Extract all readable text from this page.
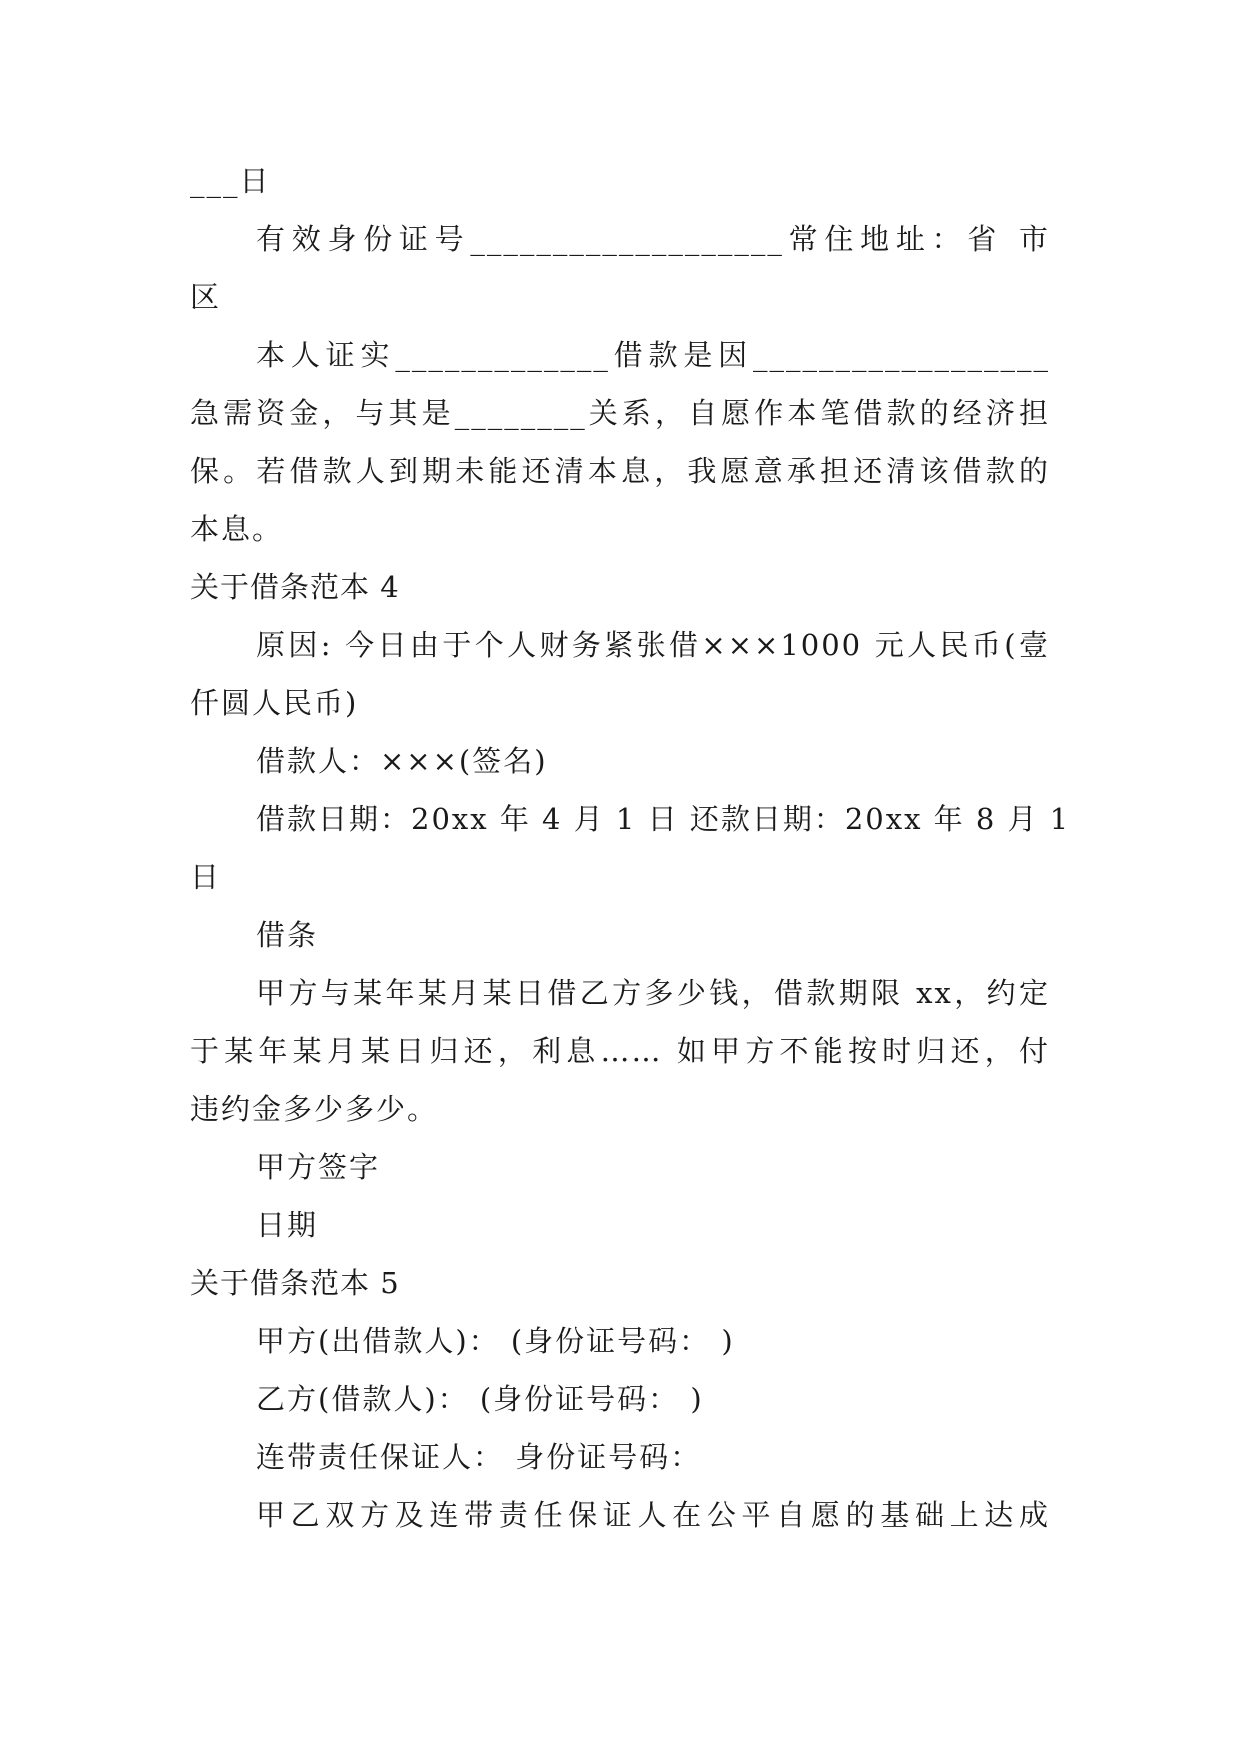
___日
有效身份证号___________________常住地址：省 市
区
本人证实_____________借款是因__________________
急需资金，与其是________关系，自愿作本笔借款的经济担
保。若借款人到期未能还清本息，我愿意承担还清该借款的
本息。
关于借条范本 4
原因: 今日由于个人财务紧张借×××1000 元人民币(壹
仟圆人民币)
借款人：×××(签名)
借款日期：20xx 年 4 月 1 日 还款日期：20xx 年 8 月 1
日
借条
甲方与某年某月某日借乙方多少钱，借款期限 xx，约定
于某年某月某日归还，利息…… 如甲方不能按时归还，付
违约金多少多少。
甲方签字
日期
关于借条范本 5
甲方(出借款人)： (身份证号码： )
乙方(借款人)： (身份证号码： )
连带责任保证人： 身份证号码：
甲乙双方及连带责任保证人在公平自愿的基础上达成
